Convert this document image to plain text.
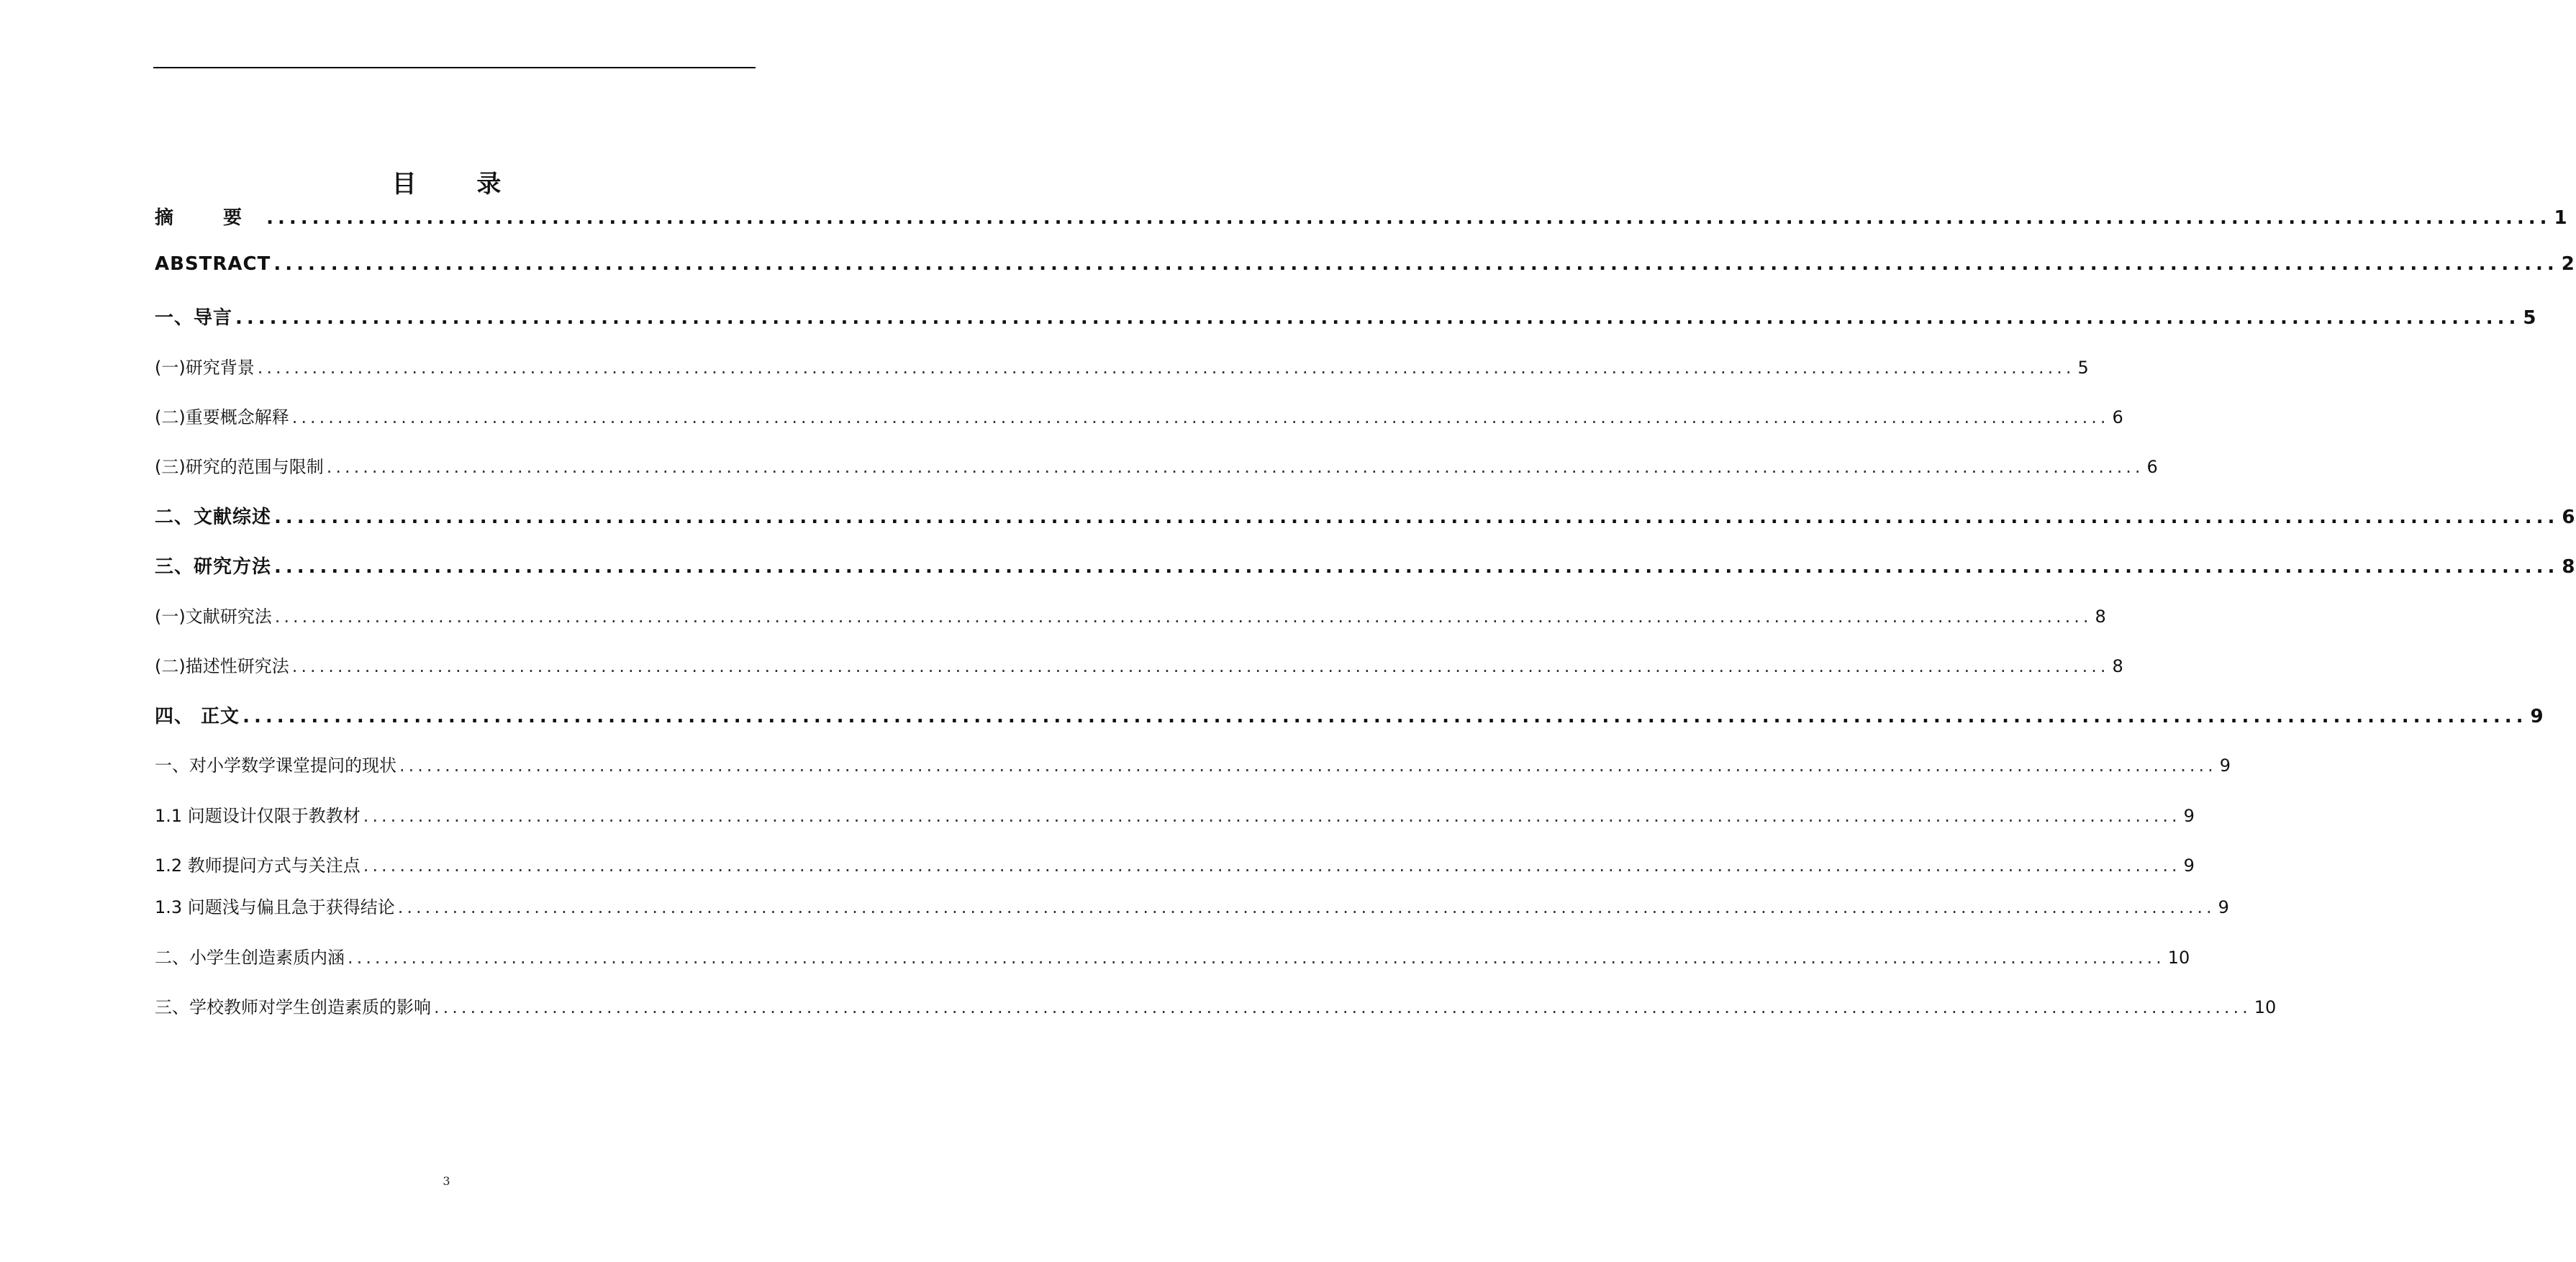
目 录
摘 要 ........................................................................................................................................................................................................ 1
ABSTRACT ........................................................................................................................................................................................................ 2
一、导言 ........................................................................................................................................................................................................ 5
(一)研究背景 ........................................................................................................................................................................................................ 5
(二)重要概念解释 ........................................................................................................................................................................................................ 6
(三)研究的范围与限制 ........................................................................................................................................................................................................ 6
二、文献综述 ........................................................................................................................................................................................................ 6
三、研究方法 ........................................................................................................................................................................................................ 8
(一)文献研究法 ........................................................................................................................................................................................................ 8
(二)描述性研究法 ........................................................................................................................................................................................................ 8
四、 正文 ........................................................................................................................................................................................................ 9
一、对小学数学课堂提问的现状 ........................................................................................................................................................................................................ 9
1.1 问题设计仅限于教教材 ........................................................................................................................................................................................................ 9
1.2 教师提问方式与关注点 ........................................................................................................................................................................................................ 9
1.3 问题浅与偏且急于获得结论 ........................................................................................................................................................................................................ 9
二、小学生创造素质内涵 ........................................................................................................................................................................................................ 10
三、学校教师对学生创造素质的影响 ........................................................................................................................................................................................................ 10
3
